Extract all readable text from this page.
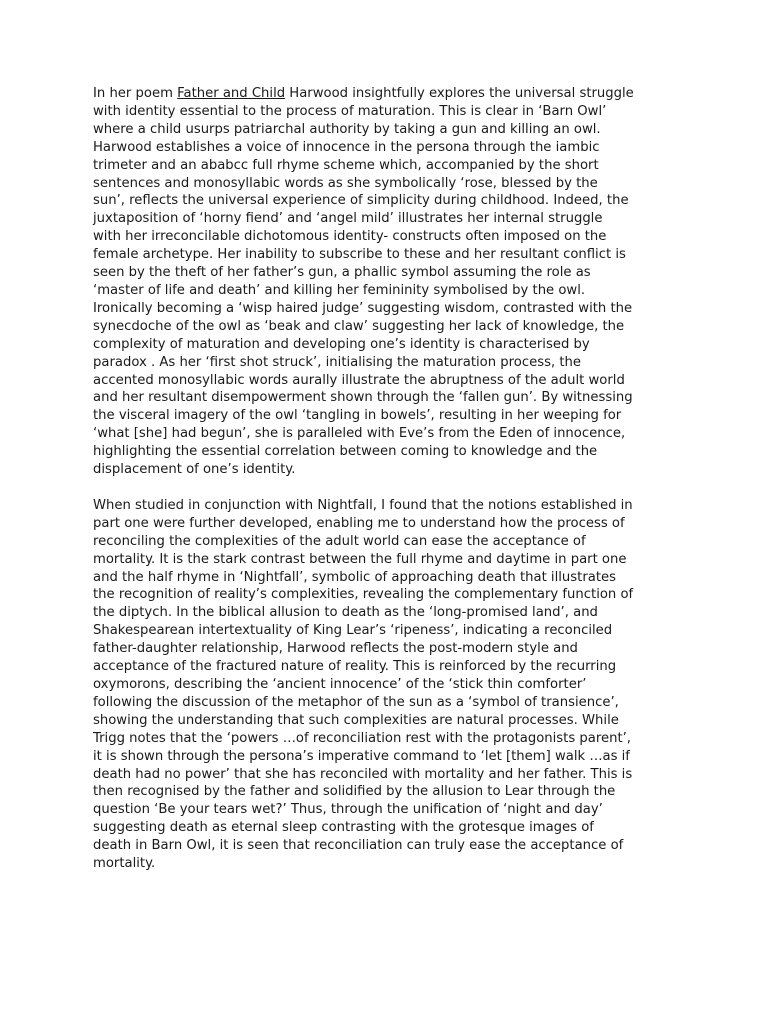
In her poem Father and Child Harwood insightfully explores the universal struggle
with identity essential to the process of maturation. This is clear in ‘Barn Owl’
where a child usurps patriarchal authority by taking a gun and killing an owl.
Harwood establishes a voice of innocence in the persona through the iambic
trimeter and an ababcc full rhyme scheme which, accompanied by the short
sentences and monosyllabic words as she symbolically ‘rose, blessed by the
sun’, reflects the universal experience of simplicity during childhood. Indeed, the
juxtaposition of ‘horny fiend’ and ‘angel mild’ illustrates her internal struggle
with her irreconcilable dichotomous identity- constructs often imposed on the
female archetype. Her inability to subscribe to these and her resultant conflict is
seen by the theft of her father’s gun, a phallic symbol assuming the role as
‘master of life and death’ and killing her femininity symbolised by the owl.
Ironically becoming a ‘wisp haired judge’ suggesting wisdom, contrasted with the
synecdoche of the owl as ‘beak and claw’ suggesting her lack of knowledge, the
complexity of maturation and developing one’s identity is characterised by
paradox . As her ‘first shot struck’, initialising the maturation process, the
accented monosyllabic words aurally illustrate the abruptness of the adult world
and her resultant disempowerment shown through the ‘fallen gun’. By witnessing
the visceral imagery of the owl ‘tangling in bowels’, resulting in her weeping for
‘what [she] had begun’, she is paralleled with Eve’s from the Eden of innocence,
highlighting the essential correlation between coming to knowledge and the
displacement of one’s identity.

When studied in conjunction with Nightfall, I found that the notions established in
part one were further developed, enabling me to understand how the process of
reconciling the complexities of the adult world can ease the acceptance of
mortality. It is the stark contrast between the full rhyme and daytime in part one
and the half rhyme in ‘Nightfall’, symbolic of approaching death that illustrates
the recognition of reality’s complexities, revealing the complementary function of
the diptych. In the biblical allusion to death as the ‘long-promised land’, and
Shakespearean intertextuality of King Lear’s ‘ripeness’, indicating a reconciled
father-daughter relationship, Harwood reflects the post-modern style and
acceptance of the fractured nature of reality. This is reinforced by the recurring
oxymorons, describing the ‘ancient innocence’ of the ‘stick thin comforter’
following the discussion of the metaphor of the sun as a ‘symbol of transience’,
showing the understanding that such complexities are natural processes. While
Trigg notes that the ‘powers …of reconciliation rest with the protagonists parent’,
it is shown through the persona’s imperative command to ‘let [them] walk …as if
death had no power’ that she has reconciled with mortality and her father. This is
then recognised by the father and solidified by the allusion to Lear through the
question ‘Be your tears wet?’ Thus, through the unification of ‘night and day’
suggesting death as eternal sleep contrasting with the grotesque images of
death in Barn Owl, it is seen that reconciliation can truly ease the acceptance of
mortality.
